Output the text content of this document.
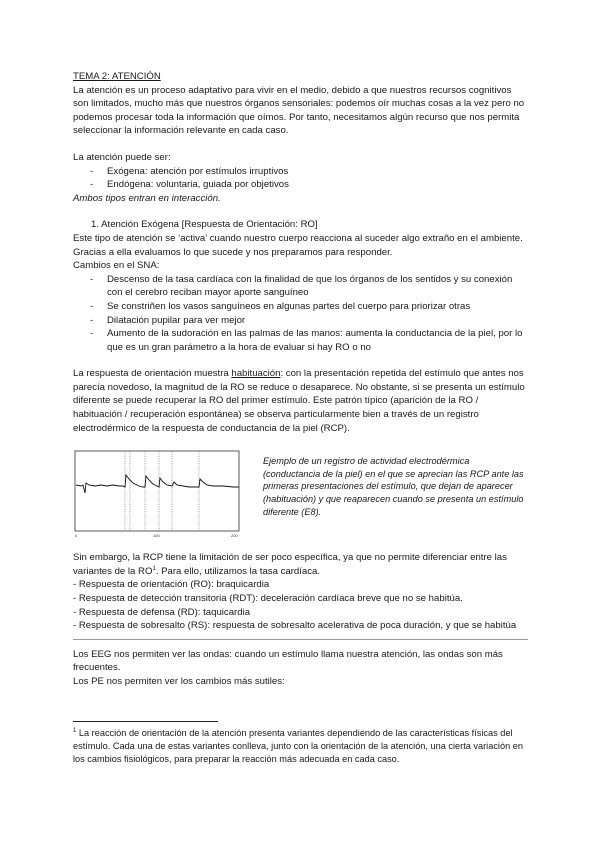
TEMA 2: ATENCIÓN

La atención es un proceso adaptativo para vivir en el medio, debido a que nuestros recursos cognitivos son limitados, mucho más que nuestros órganos sensoriales: podemos oír muchas cosas a la vez pero no podemos procesar toda la información que oímos. Por tanto, necesitamos algún recurso que nos permita seleccionar la información relevante en cada caso.

La atención puede ser:

- Exógena: atención por estímulos irruptivos
- Endógena: voluntaria, guiada por objetivos

Ambos tipos entran en interacción.

1. Atención Exógena [Respuesta de Orientación: RO]

Este tipo de atención se ‘activa’ cuando nuestro cuerpo reacciona al suceder algo extraño en el ambiente. Gracias a ella evaluamos lo que sucede y nos preparamos para responder.

Cambios en el SNA:

- Descenso de la tasa cardíaca con la finalidad de que los órganos de los sentidos y su conexión con el cerebro reciban mayor aporte sanguíneo
- Se constriñen los vasos sanguíneos en algunas partes del cuerpo para priorizar otras
- Dilatación pupilar para ver mejor
- Aumento de la sudoración en las palmas de las manos: aumenta la conductancia de la piel, por lo que es un gran parámetro a la hora de evaluar si hay RO o no

La respuesta de orientación muestra habituación: con la presentación repetida del estímulo que antes nos parecía novedoso, la magnitud de la RO se reduce o desaparece. No obstante, si se presenta un estímulo diferente se puede recuperar la RO del primer estímulo. Este patrón típico (aparición de la RO / habituación / recuperación espontánea) se observa particularmente bien a través de un registro electrodérmico de la respuesta de conductancia de la piel (RCP).

0	100	200

Ejemplo de un registro de actividad electrodérmica (conductancia de la piel) en el que se aprecian las RCP ante las primeras presentaciones del estímulo, que dejan de aparecer (habituación) y que reaparecen cuando se presenta un estímulo diferente (E8).

Sin embargo, la RCP tiene la limitación de ser poco específica, ya que no permite diferenciar entre las variantes de la $RO^1$. Para ello, utilizamos la tasa cardíaca.

- Respuesta de orientación (RO): braquicardia

- Respuesta de detección transitoria (RDT): deceleración cardíaca breve que no se habitúa.

- Respuesta de defensa (RD): taquicardia

- Respuesta de sobresalto (RS): respuesta de sobresalto acelerativa de poca duración, y que se habitúa

Los EEG nos permiten ver las ondas: cuando un estímulo llama nuestra atención, las ondas son más frecuentes.

Los PE nos permiten ver los cambios más sutiles:

$^1$ La reacción de orientación de la atención presenta variantes dependiendo de las características físicas del estímulo. Cada una de estas variantes conlleva, junto con la orientación de la atención, una cierta variación en los cambios fisiológicos, para preparar la reacción más adecuada en cada caso.
